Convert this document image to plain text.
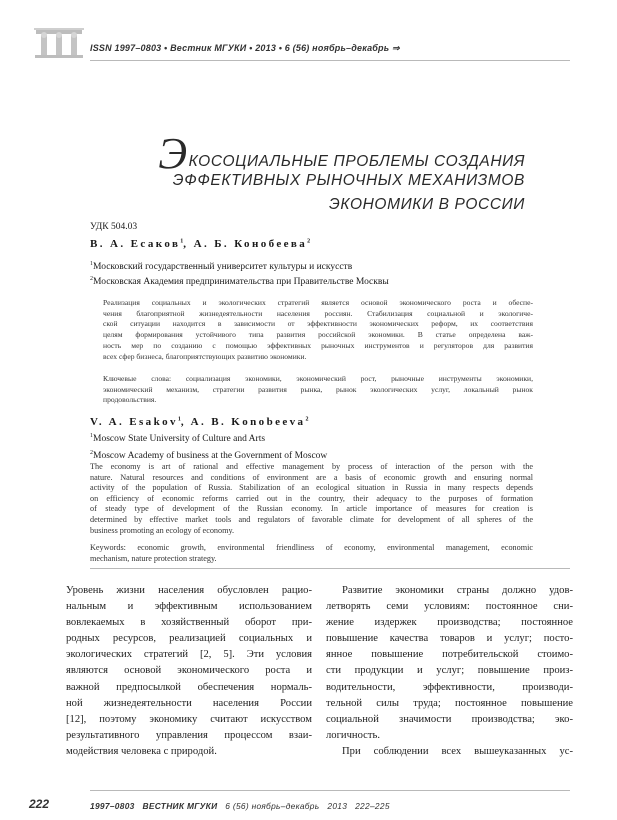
ISSN 1997–0803 • Вестник МГУКИ • 2013 • 6 (56) ноябрь–декабрь ⇒
ЭКОСОЦИАЛЬНЫЕ ПРОБЛЕМЫ СОЗДАНИЯ
ЭФФЕКТИВНЫХ РЫНОЧНЫХ МЕХАНИЗМОВ
ЭКОНОМИКИ В РОССИИ
УДК 504.03
В. А. Есаков$^1$, А. Б. Конобеева$^2$
$^1$Московский государственный университет культуры и искусств
$^2$Московская Академия предпринимательства при Правительстве Москвы
Реализация социальных и экологических стратегий является основой экономического роста и обеспе-
чения благоприятной жизнедеятельности населения россиян. Стабилизация социальной и экологиче-
ской ситуации находится в зависимости от эффективности экономических реформ, их соответствия
целям формирования устойчивого типа развития российской экономики. В статье определена важ-
ность мер по созданию с помощью эффективных рыночных инструментов и регуляторов для развития
всех сфер бизнеса, благоприятствующих развитию экономики.
Ключевые слова: социализация экономики, экономический рост, рыночные инструменты экономики,
экономический механизм, стратегии развития рынка, рынок экологических услуг, локальный рынок
продовольствия.
V. A. Esakov$^1$, A. B. Konobeeva$^2$
$^1$Moscow State University of Culture and Arts
$^2$Moscow Academy of business at the Government of Moscow
The economy is art of rational and effective management by process of interaction of the person with the
nature. Natural resources and conditions of environment are a basis of economic growth and ensuring normal
activity of the population of Russia. Stabilization of an ecological situation in Russia in many respects depends
on efficiency of economic reforms carried out in the country, their adequacy to the purposes of formation
of steady type of development of the Russian economy. In article importance of measures for creation is
determined by effective market tools and regulators of favorable climate for development of all spheres of the
business promoting an ecology of economy.
Keywords: economic growth, environmental friendliness of economy, environmental management, economic
mechanism, nature protection strategy.
Уровень жизни населения обусловлен рацио-
нальным и эффективным использованием
вовлекаемых в хозяйственный оборот при-
родных ресурсов, реализацией социальных и
экологических стратегий [2, 5]. Эти условия
являются основой экономического роста и
важной предпосылкой обеспечения нормаль-
ной жизнедеятельности населения России
[12], поэтому экономику считают искусством
результативного управления процессом взаи-
модействия человека с природой.
Развитие экономики страны должно удов-
летворять семи условиям: постоянное сни-
жение издержек производства; постоянное
повышение качества товаров и услуг; посто-
янное повышение потребительской стоимо-
сти продукции и услуг; повышение произ-
водительности, эффективности, производи-
тельной силы труда; постоянное повышение
социальной значимости производства; эко-
логичность.
При соблюдении всех вышеуказанных ус-
222	1997–0803 ВЕСТНИК МГУКИ 6 (56) ноябрь–декабрь 2013 222–225
